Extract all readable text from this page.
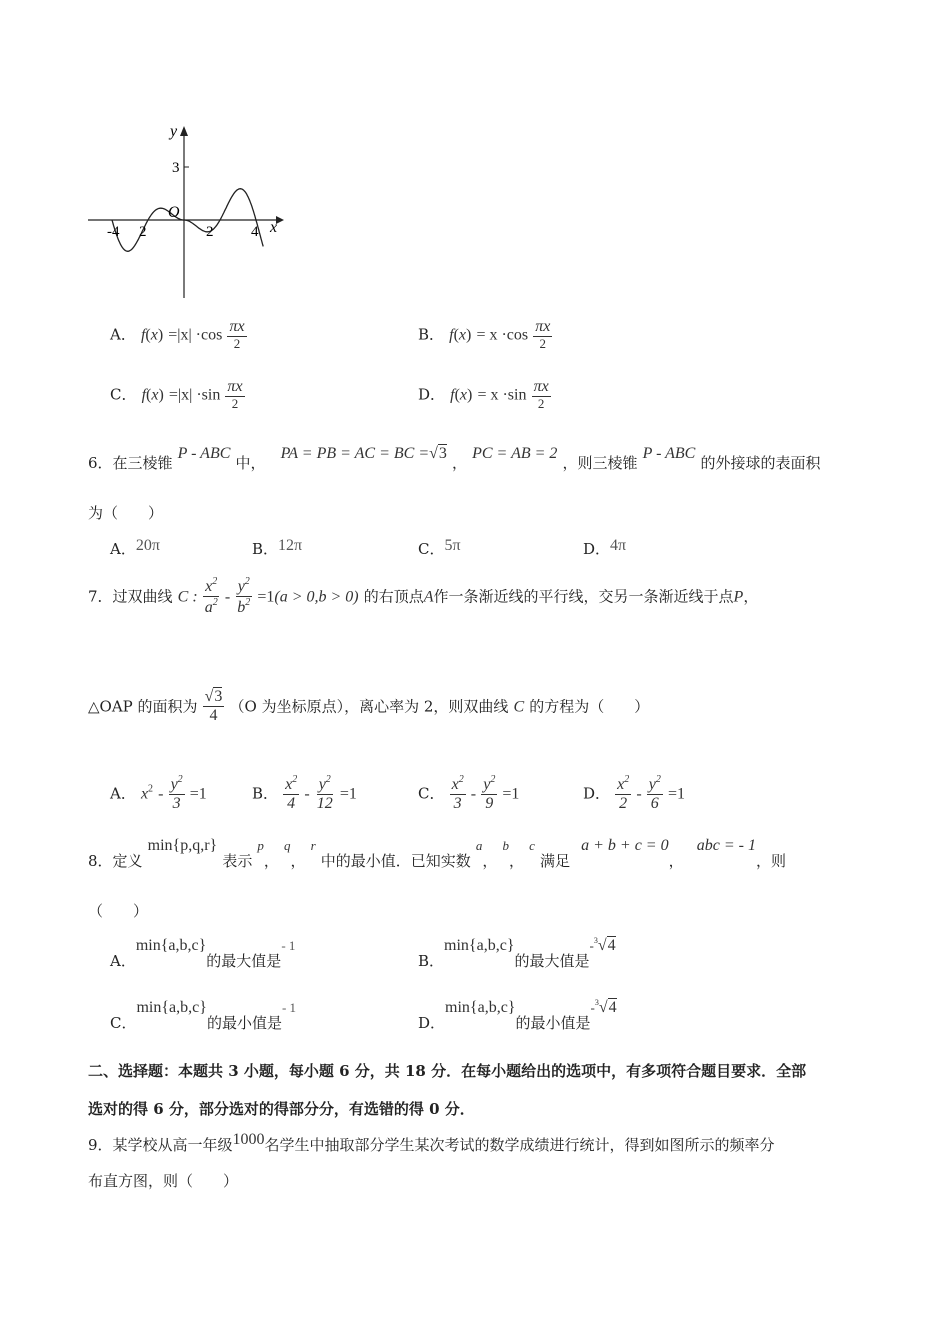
y
x
O
3
-4 2	2	4
A． $f(x) =|x| \cdot\cos \frac{\pi x}{2}$	B． $f(x) = x \cdot\cos \frac{\pi x}{2}$
C． $f(x) =|x| \cdot\sin \frac{\pi x}{2}$	D． $f(x) = x \cdot\sin \frac{\pi x}{2}$
6．在三棱锥 P - ABC 中， PA = PB = AC = BC =√3 ， PC = AB = 2 ，则三棱锥 P - ABC 的外接球的表面积
为（　　）
A．20π	B．12π	C．5π	D．4π
7．过双曲线 C : $\frac{x^2}{a^2} - \frac{y^2}{b^2} =1(a > 0,b > 0)$ 的右顶点A作一条渐近线的平行线，交另一条渐近线于点P，
△OAP 的面积为 $\frac{√3}{4} (O$ 为坐标原点），离心率为 2，则双曲线 C 的方程为（　　）
A． $x^2 - \frac{y^2}{3} =1$	B． $\frac{x^2}{4} - \frac{y^2}{12} =1$	C． $\frac{x^2}{3} - \frac{y^2}{9} =1$	D． $\frac{x^2}{2} - \frac{y^2}{6} =1$
8．定义 min{p,q,r} 表示 p， q， r 中的最小值．已知实数 a， b， c 满足 a + b + c = 0， abc = - 1，则
（　　）
A．min{a,b,c}的最大值是- 1
B．min{a,b,c}的最大值是-$^3$√4
C．min{a,b,c}的最小值是- 1
D．min{a,b,c}的最小值是-$^3$√4
二、选择题：本题共 3 小题，每小题 6 分，共 18 分．在每小题给出的选项中，有多项符合题目要求．全部
选对的得 6 分，部分选对的得部分分，有选错的得 0 分．
9．某学校从高一年级1000名学生中抽取部分学生某次考试的数学成绩进行统计，得到如图所示的频率分
布直方图，则（　　）
